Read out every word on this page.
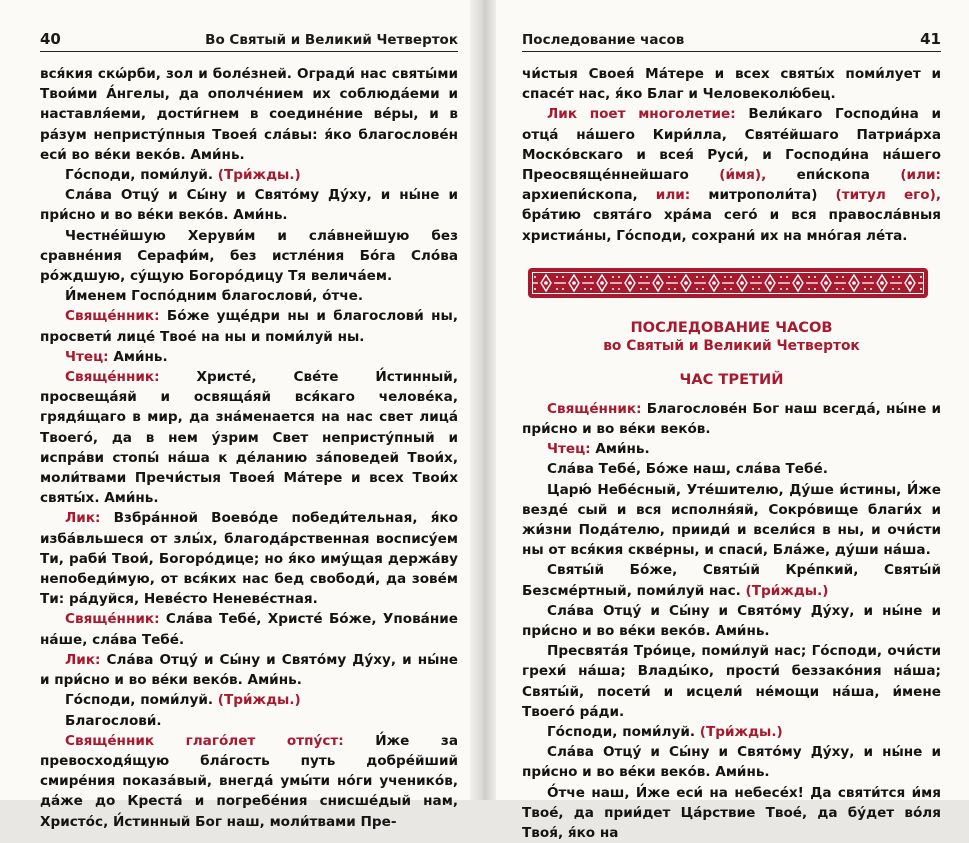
40	Во Святый и Великий Четверток

вся́кия скѡ́рби, зол и боле́зней. Огради́ нас святы́ми Твои́ми А́нгелы, да ополче́нием их соблюда́еми и наставля́еми, дости́гнем в соедине́ние ве́ры, и в ра́зум непристу́пныя Твоея́ сла́вы: я́ко благослове́н еси́ во ве́ки веко́в. Ами́нь.

Го́споди, поми́луй. (Три́жды.)

Сла́ва Отцу́ и Сы́ну и Свято́му Ду́ху, и ны́не и при́сно и во ве́ки веко́в. Ами́нь.

Честне́йшую Херуви́м и сла́внейшую без сравне́ния Серафи́м, без истле́ния Бо́га Сло́ва ро́ждшую, су́щую Богоро́дицу Тя велича́ем.

И́менем Госпо́дним благослови́, о́тче.

Свяще́нник: Бо́же уще́дри ны и благослови́ ны, просвети́ лице́ Твое́ на ны и поми́луй ны.

Чтец: Ами́нь.

Свяще́нник: Христе́, Све́те И́стинный, просвеща́яй и освяща́яй вся́каго челове́ка, грядя́щаго в мир, да зна́менается на нас свет лица́ Твоего́, да в нем у́зрим Свет непристу́пный и испра́ви стопы́ на́ша к де́ланию за́поведей Твои́х, моли́твами Пречи́стыя Твоея́ Ма́тере и всех Твои́х святы́х. Ами́нь.

Лик: Взбра́нной Воево́де победи́тельная, я́ко изба́вльшеся от злы́х, благода́рственная воспису́ем Ти, раби́ Твои́, Богоро́дице; но я́ко иму́щая держа́ву непобеди́мую, от вся́ких нас бед свободи́, да зове́м Ти: ра́дуйся, Неве́сто Неневе́стная.

Свяще́нник: Сла́ва Тебе́, Христе́ Бо́же, Упова́ние на́ше, сла́ва Тебе́.

Лик: Сла́ва Отцу́ и Сы́ну и Свято́му Ду́ху, и ны́не и при́сно и во ве́ки веко́в. Ами́нь.

Го́споди, поми́луй. (Три́жды.)

Благослови́.

Свяще́нник глаго́лет отпу́ст: И́же за превосходя́щую бла́гость путь добре́йший смире́ния показа́вый, внегда́ умы́ти но́ги ученико́в, да́же до Креста́ и погребе́ния снисше́дый нам, Христо́с, И́стинный Бог наш, моли́твами Пре-

Последование часов	41

чи́стыя Своея́ Ма́тере и всех святы́х поми́лует и спасе́т нас, я́ко Благ и Человеколю́бец.

Лик поет многолетие: Вели́каго Господи́на и отца́ на́шего Кири́лла, Святе́йшаго Патриа́рха Моско́вскаго и всея́ Руси́, и Господи́на на́шего Преосвяще́ннейшаго (и́мя), епи́скопа (или: архиепи́скопа, или: митрополи́та) (титул его), бра́тию свята́го хра́ма сего́ и вся правосла́вныя христиа́ны, Го́споди, сохрани́ их на мно́гая ле́та.

ПОСЛЕДОВАНИЕ ЧАСОВ
во Святый и Великий Четверток
ЧАС ТРЕТИЙ

Свяще́нник: Благослове́н Бог наш всегда́, ны́не и при́сно и во ве́ки веко́в.

Чтец: Ами́нь.

Сла́ва Тебе́, Бо́же наш, сла́ва Тебе́.

Царю́ Небе́сный, Уте́шителю, Ду́ше и́стины, И́же везде́ сый и вся исполня́яй, Сокро́вище благи́х и жи́зни Пода́телю, прииди́ и всели́ся в ны, и очи́сти ны от вся́кия скве́рны, и спаси́, Бла́же, ду́ши на́ша.

Святы́й Бо́же, Святы́й Кре́пкий, Святы́й Безсме́ртный, поми́луй нас. (Три́жды.)

Сла́ва Отцу́ и Сы́ну и Свято́му Ду́ху, и ны́не и при́сно и во ве́ки веко́в. Ами́нь.

Пресвята́я Тро́ице, поми́луй нас; Го́споди, очи́сти грехи́ на́ша; Влады́ко, прости́ беззако́ния на́ша; Святы́й, посети́ и исцели́ не́мощи на́ша, и́мене Твоего́ ра́ди.

Го́споди, поми́луй. (Три́жды.)

Сла́ва Отцу́ и Сы́ну и Свято́му Ду́ху, и ны́не и при́сно и во ве́ки веко́в. Ами́нь.

О́тче наш, И́же еси́ на небесе́х! Да святи́тся и́мя Твое́, да прии́дет Ца́рствие Твое́, да бу́дет во́ля Твоя́, я́ко на
